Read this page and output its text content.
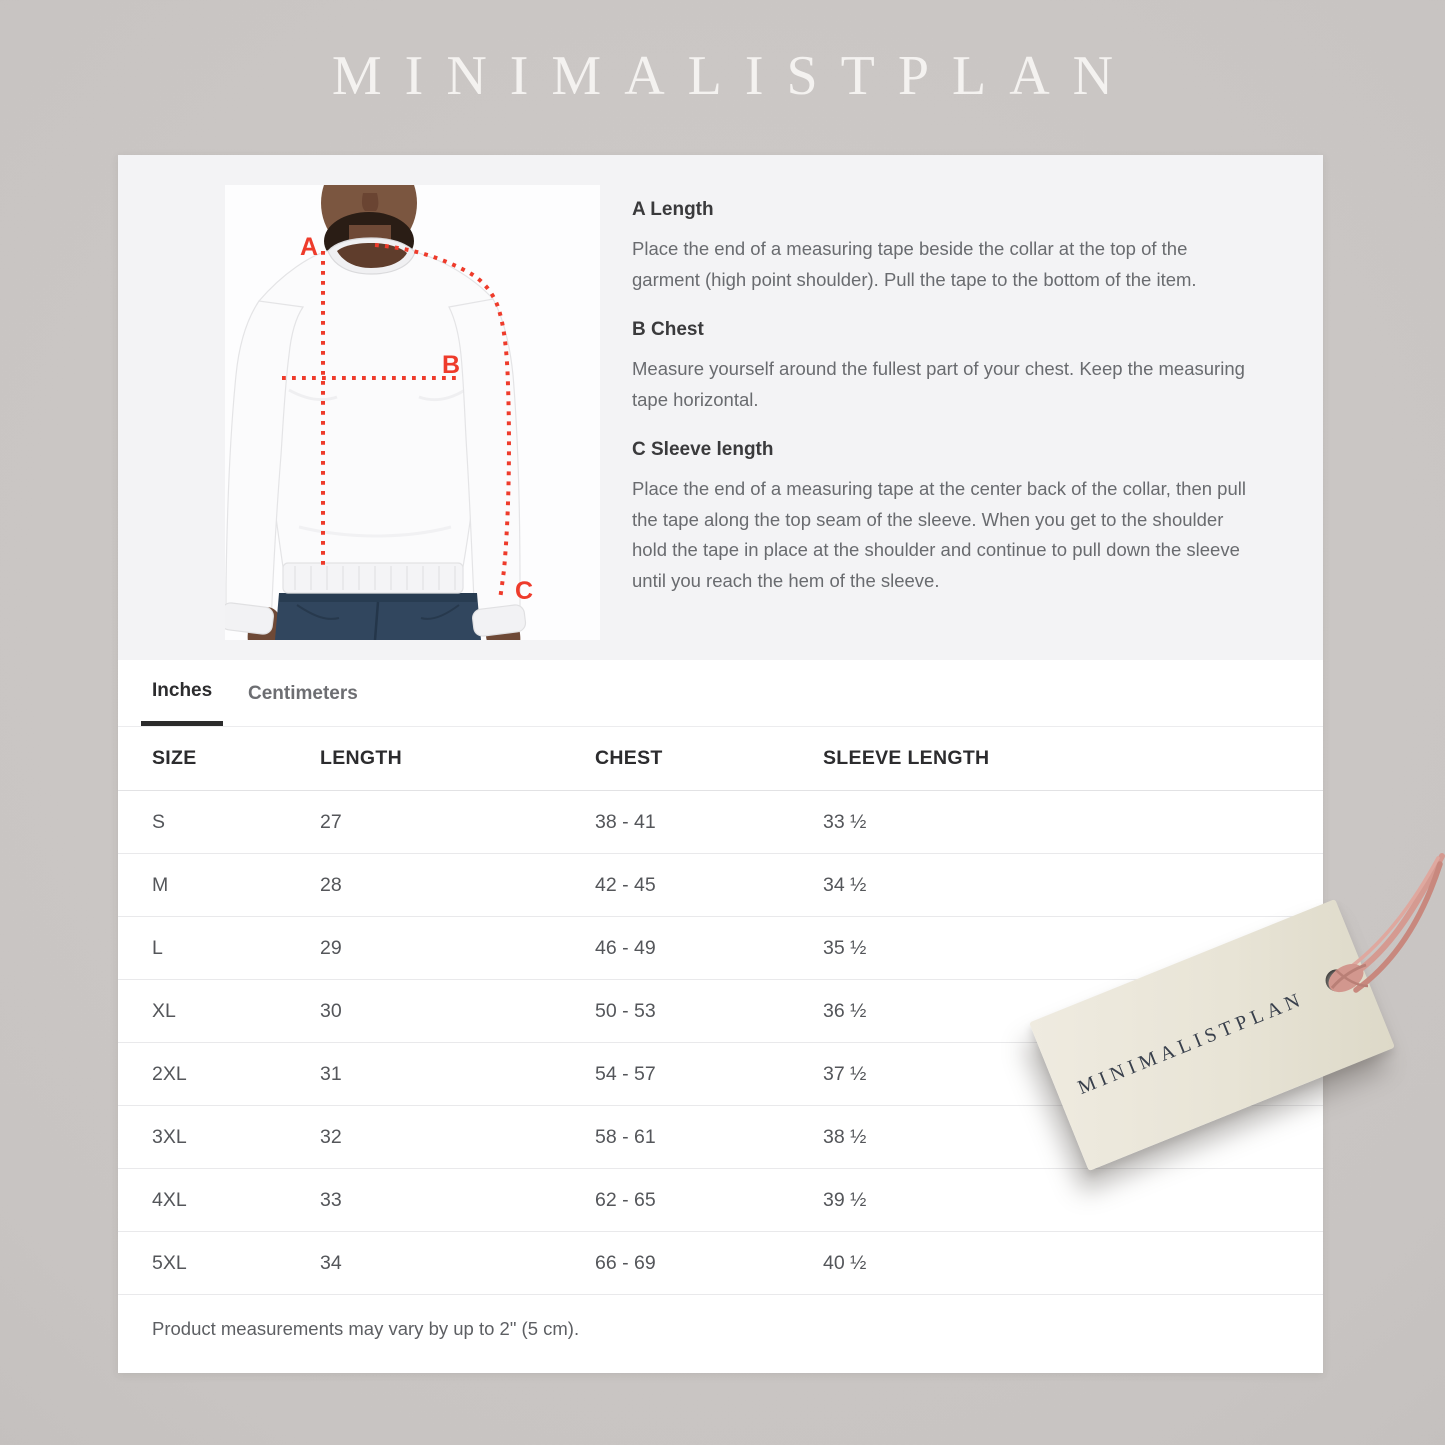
MINIMALISTPLAN
A
B
C
A Length
Place the end of a measuring tape beside the collar at the top of the
garment (high point shoulder). Pull the tape to the bottom of the item.
B Chest
Measure yourself around the fullest part of your chest. Keep the measuring
tape horizontal.
C Sleeve length
Place the end of a measuring tape at the center back of the collar, then pull
the tape along the top seam of the sleeve. When you get to the shoulder
hold the tape in place at the shoulder and continue to pull down the sleeve
until you reach the hem of the sleeve.
Inches	Centimeters
SIZE	LENGTH	CHEST	SLEEVE LENGTH
S	27	38 - 41	33 ½
M	28	42 - 45	34 ½
L	29	46 - 49	35 ½
XL	30	50 - 53	36 ½
2XL	31	54 - 57	37 ½
3XL	32	58 - 61	38 ½
4XL	33	62 - 65	39 ½
5XL	34	66 - 69	40 ½
Product measurements may vary by up to 2" (5 cm).
MINIMALISTPLAN
